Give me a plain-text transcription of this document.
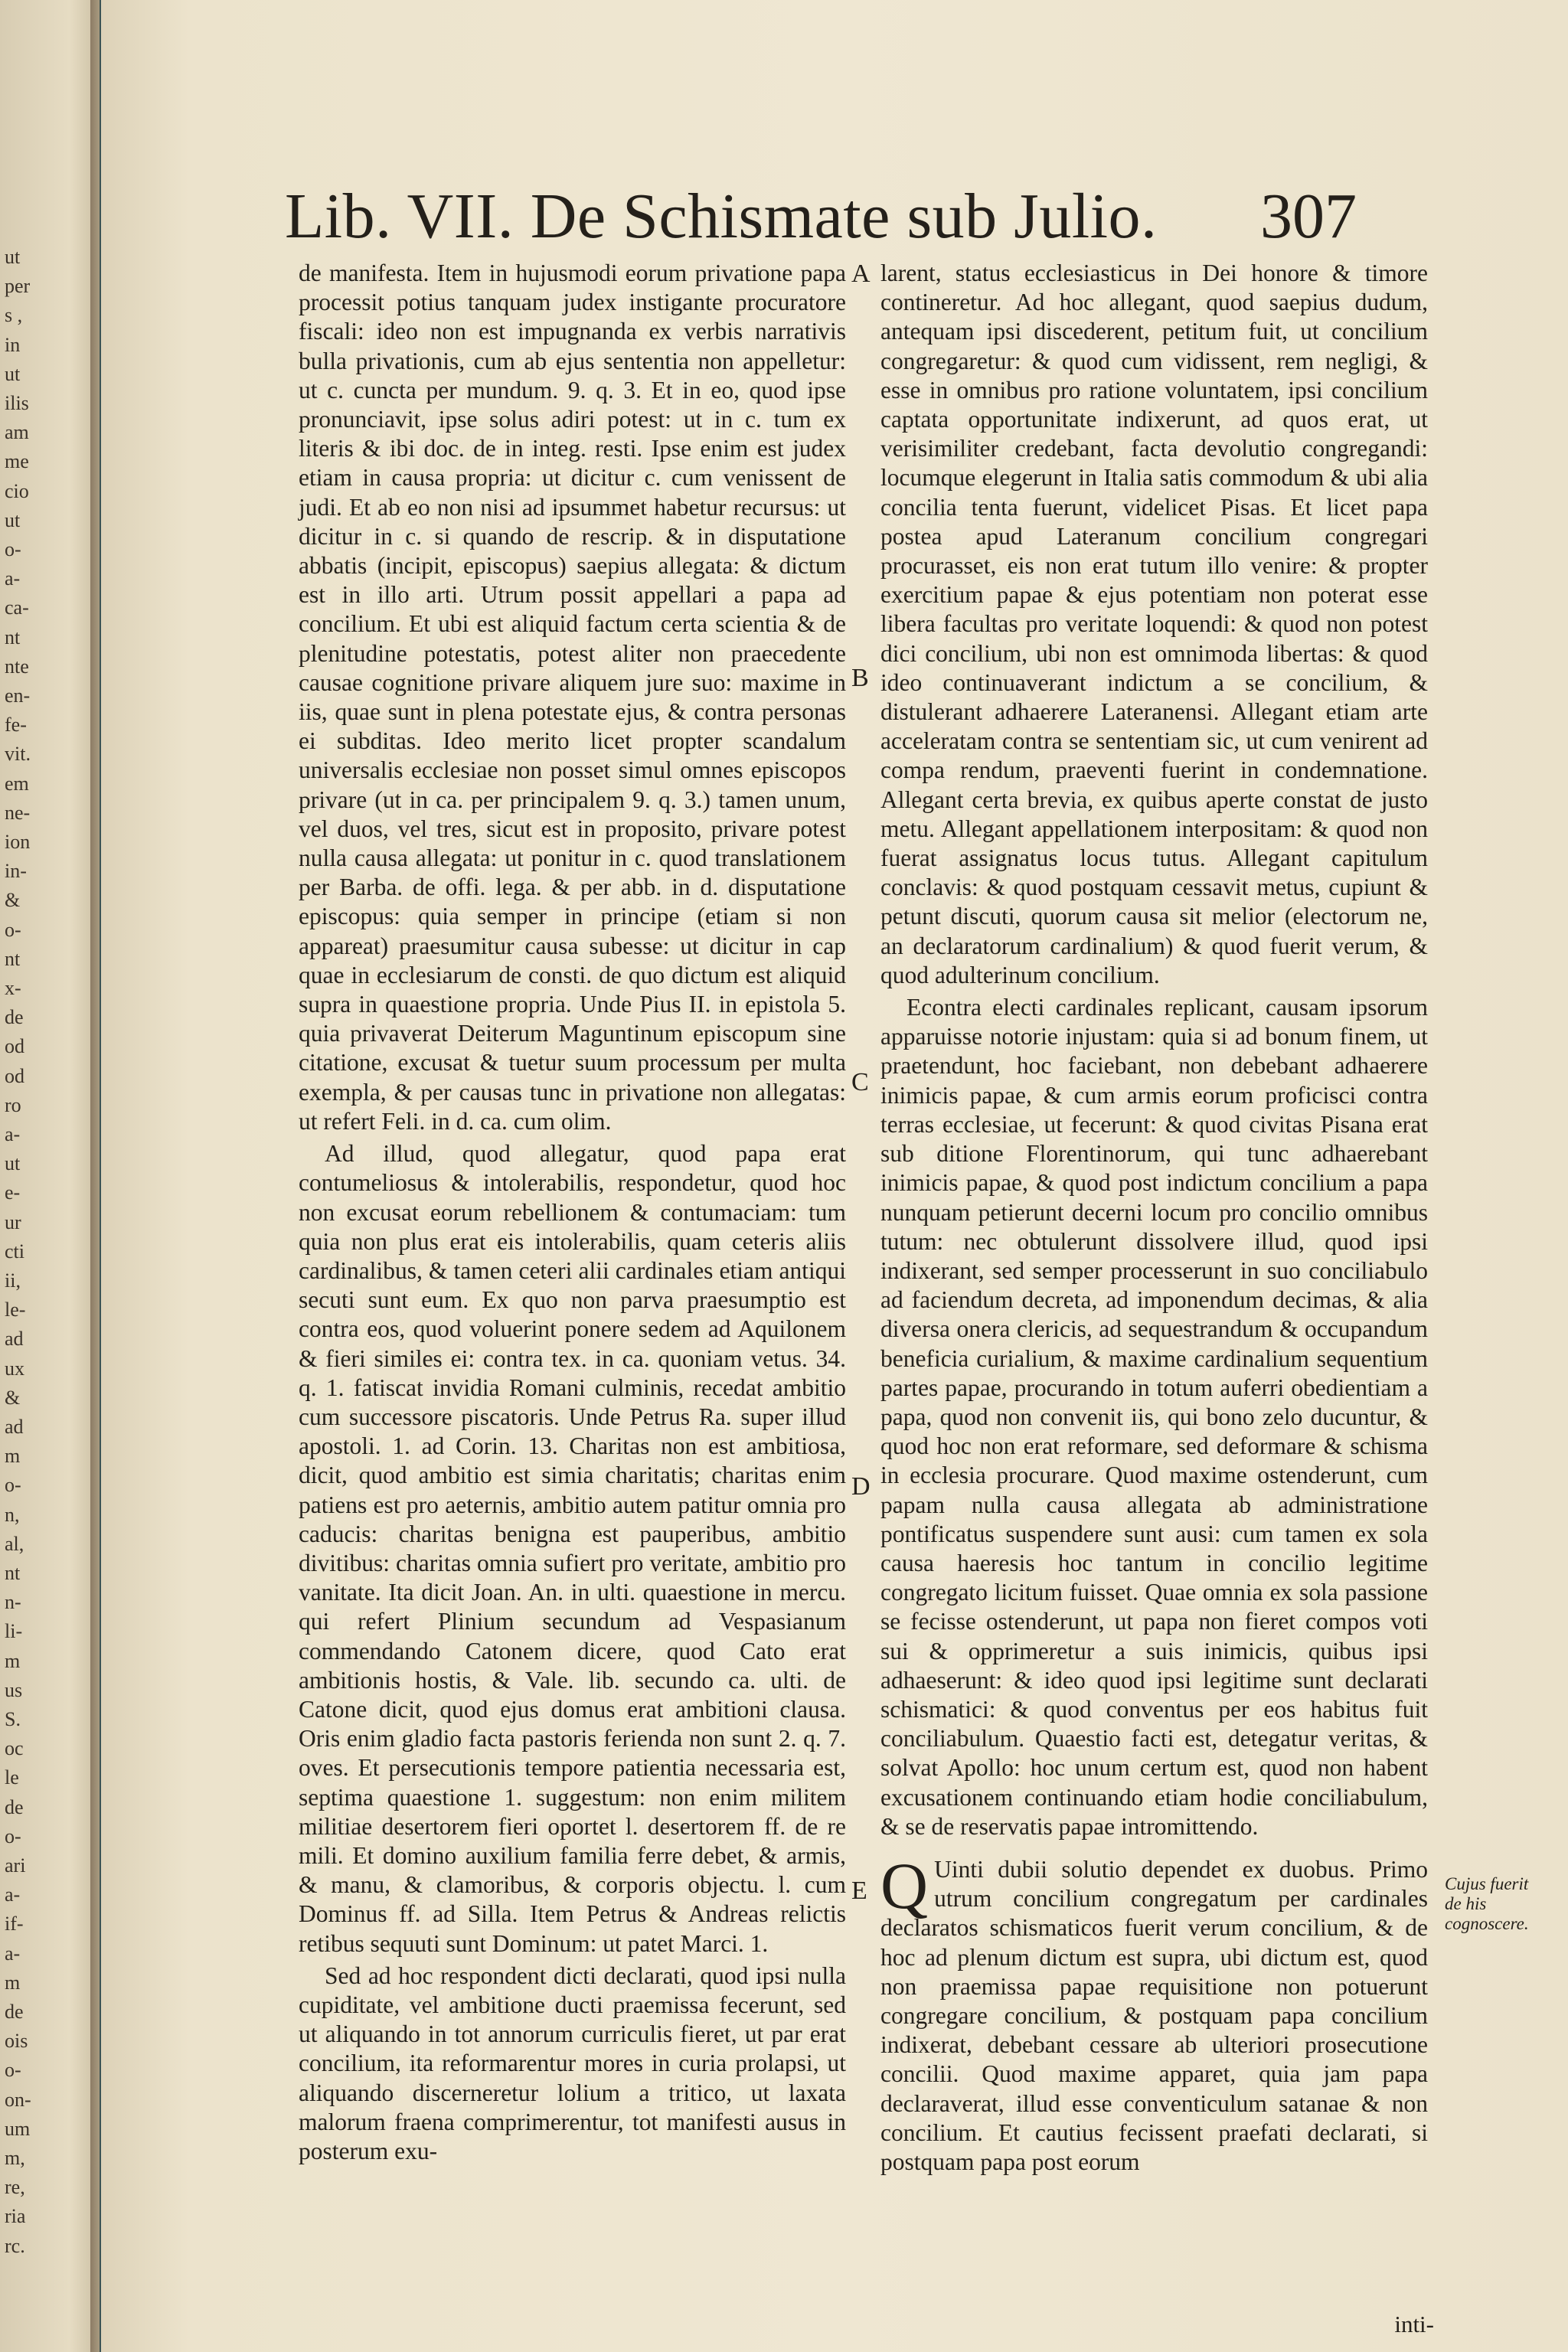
ut
per
s ,
in
ut
ilis
am
me
cio
ut
o-
a-
ca-
nt
nte
en-
fe-
vit.
em
ne-
ion
in-
&
o-
nt
x-
de
od
od
ro
a-
ut
e-
ur
cti
ii,
le-
ad
ux
&
ad
m
o-
n,
al,
nt
n-
li-
m
us
S.
oc
le
de
o-
ari
a-
if-
a-
m
de
ois
o-
on-
um
m,
re,
ria
rc.
Lib. VII. De Schismate sub Julio. 307

de manifesta. Item in hujusmodi eorum privatione papa processit potius tanquam judex instigante procuratore fiscali: ideo non est impugnanda ex verbis narrativis bulla privationis, cum ab ejus sententia non appelletur: ut c. cuncta per mundum. 9. q. 3. Et in eo, quod ipse pronunciavit, ipse solus adiri potest: ut in c. tum ex literis & ibi doc. de in integ. resti. Ipse enim est judex etiam in causa propria: ut dicitur c. cum venissent de judi. Et ab eo non nisi ad ipsummet habetur recursus: ut dicitur in c. si quando de rescrip. & in disputatione abbatis (incipit, episcopus) saepius allegata: & dictum est in illo arti. Utrum possit appellari a papa ad concilium. Et ubi est aliquid factum certa scientia & de plenitudine potestatis, potest aliter non praecedente causae cognitione privare aliquem jure suo: maxime in iis, quae sunt in plena potestate ejus, & contra personas ei subditas. Ideo merito licet propter scandalum universalis ecclesiae non posset simul omnes episcopos privare (ut in ca. per principalem 9. q. 3.) tamen unum, vel duos, vel tres, sicut est in proposito, privare potest nulla causa allegata: ut ponitur in c. quod translationem per Barba. de offi. lega. & per abb. in d. disputatione episcopus: quia semper in principe (etiam si non appareat) praesumitur causa subesse: ut dicitur in cap quae in ecclesiarum de consti. de quo dictum est aliquid supra in quaestione propria. Unde Pius II. in epistola 5. quia privaverat Deiterum Maguntinum episcopum sine citatione, excusat & tuetur suum processum per multa exempla, & per causas tunc in privatione non allegatas: ut refert Feli. in d. ca. cum olim.

Ad illud, quod allegatur, quod papa erat contumeliosus & intolerabilis, respondetur, quod hoc non excusat eorum rebellionem & contumaciam: tum quia non plus erat eis intolerabilis, quam ceteris aliis cardinalibus, & tamen ceteri alii cardinales etiam antiqui secuti sunt eum. Ex quo non parva praesumptio est contra eos, quod voluerint ponere sedem ad Aquilonem & fieri similes ei: contra tex. in ca. quoniam vetus. 34. q. 1. fatiscat invidia Romani culminis, recedat ambitio cum successore piscatoris. Unde Petrus Ra. super illud apostoli. 1. ad Corin. 13. Charitas non est ambitiosa, dicit, quod ambitio est simia charitatis; charitas enim patiens est pro aeternis, ambitio autem patitur omnia pro caducis: charitas benigna est pauperibus, ambitio divitibus: charitas omnia sufiert pro veritate, ambitio pro vanitate. Ita dicit Joan. An. in ulti. quaestione in mercu. qui refert Plinium secundum ad Vespasianum commendando Catonem dicere, quod Cato erat ambitionis hostis, & Vale. lib. secundo ca. ulti. de Catone dicit, quod ejus domus erat ambitioni clausa. Oris enim gladio facta pastoris ferienda non sunt 2. q. 7. oves. Et persecutionis tempore patientia necessaria est, septima quaestione 1. suggestum: non enim militem militiae desertorem fieri oportet l. desertorem ff. de re mili. Et domino auxilium familia ferre debet, & armis, & manu, & clamoribus, & corporis objectu. l. cum Dominus ff. ad Silla. Item Petrus & Andreas relictis retibus sequuti sunt Dominum: ut patet Marci. 1.

Sed ad hoc respondent dicti declarati, quod ipsi nulla cupiditate, vel ambitione ducti praemissa fecerunt, sed ut aliquando in tot annorum curriculis fieret, ut par erat concilium, ita reformarentur mores in curia prolapsi, ut aliquando discerneretur lolium a tritico, ut laxata malorum fraena comprimerentur, tot manifesti ausus in posterum exu-

A
B
C
D
E

larent, status ecclesiasticus in Dei honore & timore contineretur. Ad hoc allegant, quod saepius dudum, antequam ipsi discederent, petitum fuit, ut concilium congregaretur: & quod cum vidissent, rem negligi, & esse in omnibus pro ratione voluntatem, ipsi concilium captata opportunitate indixerunt, ad quos erat, ut verisimiliter credebant, facta devolutio congregandi: locumque elegerunt in Italia satis commodum & ubi alia concilia tenta fuerunt, videlicet Pisas. Et licet papa postea apud Lateranum concilium congregari procurasset, eis non erat tutum illo venire: & propter exercitium papae & ejus potentiam non poterat esse libera facultas pro veritate loquendi: & quod non potest dici concilium, ubi non est omnimoda libertas: & quod ideo continuaverant indictum a se concilium, & distulerant adhaerere Lateranensi. Allegant etiam arte acceleratam contra se sententiam sic, ut cum venirent ad compa rendum, praeventi fuerint in condemnatione. Allegant certa brevia, ex quibus aperte constat de justo metu. Allegant appellationem interpositam: & quod non fuerat assignatus locus tutus. Allegant capitulum conclavis: & quod postquam cessavit metus, cupiunt & petunt discuti, quorum causa sit melior (electorum ne, an declaratorum cardinalium) & quod fuerit verum, & quod adulterinum concilium.

Econtra electi cardinales replicant, causam ipsorum apparuisse notorie injustam: quia si ad bonum finem, ut praetendunt, hoc faciebant, non debebant adhaerere inimicis papae, & cum armis eorum proficisci contra terras ecclesiae, ut fecerunt: & quod civitas Pisana erat sub ditione Florentinorum, qui tunc adhaerebant inimicis papae, & quod post indictum concilium a papa nunquam petierunt decerni locum pro concilio omnibus tutum: nec obtulerunt dissolvere illud, quod ipsi indixerant, sed semper processerunt in suo conciliabulo ad faciendum decreta, ad imponendum decimas, & alia diversa onera clericis, ad sequestrandum & occupandum beneficia curialium, & maxime cardinalium sequentium partes papae, procurando in totum auferri obedientiam a papa, quod non convenit iis, qui bono zelo ducuntur, & quod hoc non erat reformare, sed deformare & schisma in ecclesia procurare. Quod maxime ostenderunt, cum papam nulla causa allegata ab administratione pontificatus suspendere sunt ausi: cum tamen ex sola causa haeresis hoc tantum in concilio legitime congregato licitum fuisset. Quae omnia ex sola passione se fecisse ostenderunt, ut papa non fieret compos voti sui & opprimeretur a suis inimicis, quibus ipsi adhaeserunt: & ideo quod ipsi legitime sunt declarati schismatici: & quod conventus per eos habitus fuit conciliabulum. Quaestio facti est, detegatur veritas, & solvat Apollo: hoc unum certum est, quod non habent excusationem continuando etiam hodie conciliabulum, & se de reservatis papae intromittendo.

Q Uinti dubii solutio dependet ex duobus. Primo utrum concilium congregatum per cardinales declaratos schismaticos fuerit verum concilium, & de hoc ad plenum dictum est supra, ubi dictum est, quod non praemissa papae requisitione non potuerunt congregare concilium, & postquam papa concilium indixerat, debebant cessare ab ulteriori prosecutione concilii. Quod maxime apparet, quia jam papa declaraverat, illud esse conventiculum satanae & non concilium. Et cautius fecissent praefati declarati, si postquam papa post eorum

Cujus fuerit de his cognoscere.
inti-
